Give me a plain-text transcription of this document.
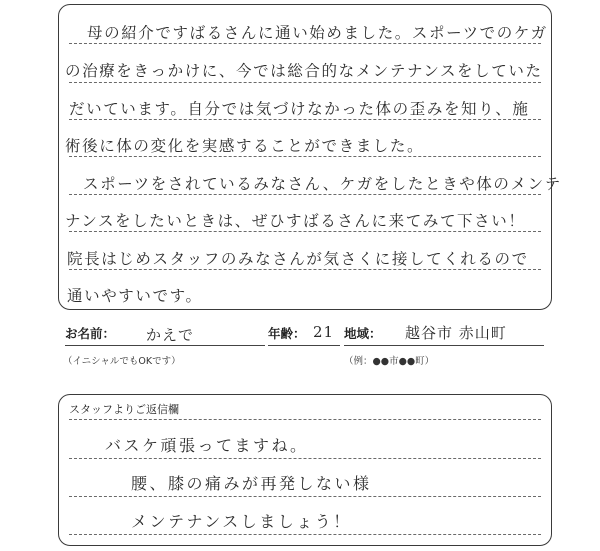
母の紹介ですばるさんに通い始めました。スポーツでのケガ
の治療をきっかけに、今では総合的なメンテナンスをしていた
だいています。自分では気づけなかった体の歪みを知り、施
術後に体の変化を実感することができました。
スポーツをされているみなさん、ケガをしたときや体のメンテ
ナンスをしたいときは、ぜひすばるさんに来てみて下さい！
院長はじめスタッフのみなさんが気さくに接してくれるので
通いやすいです。
お名前： かえで
（イニシャルでもOKです）
年齢： 21 地域： 越谷市 赤山町
（例：●●市●●町）
スタッフよりご返信欄
バスケ頑張ってますね。
腰、膝の痛みが再発しない様
メンテナンスしましょう！
